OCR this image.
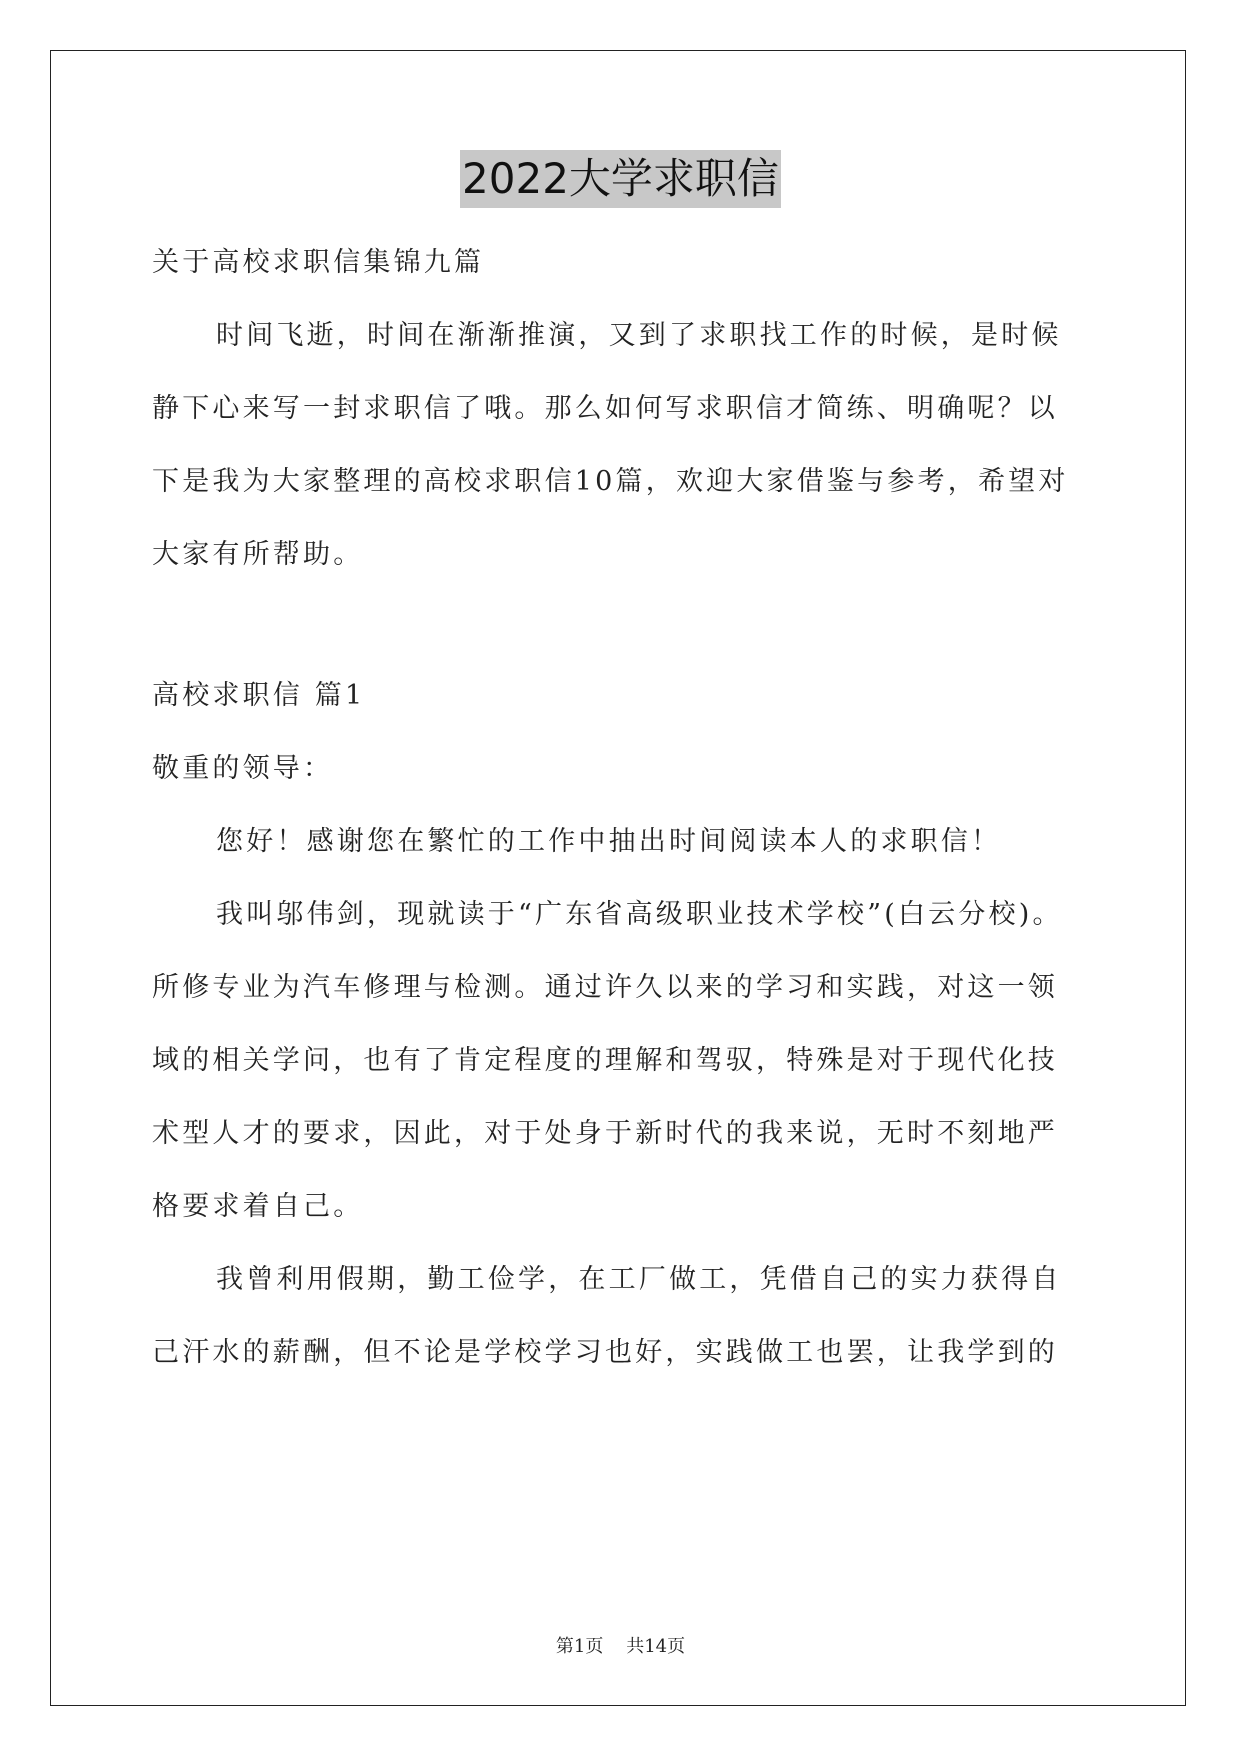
2022大学求职信
关于高校求职信集锦九篇
时间飞逝，时间在渐渐推演，又到了求职找工作的时候，是时候
静下心来写一封求职信了哦。那么如何写求职信才简练、明确呢？以
下是我为大家整理的高校求职信10篇，欢迎大家借鉴与参考，希望对
大家有所帮助。
高校求职信 篇1
敬重的领导：
您好！感谢您在繁忙的工作中抽出时间阅读本人的求职信！
我叫邬伟剑，现就读于“广东省高级职业技术学校”(白云分校)。
所修专业为汽车修理与检测。通过许久以来的学习和实践，对这一领
域的相关学问，也有了肯定程度的理解和驾驭，特殊是对于现代化技
术型人才的要求，因此，对于处身于新时代的我来说，无时不刻地严
格要求着自己。
我曾利用假期，勤工俭学，在工厂做工，凭借自己的实力获得自
己汗水的薪酬，但不论是学校学习也好，实践做工也罢，让我学到的
第1页    共14页
